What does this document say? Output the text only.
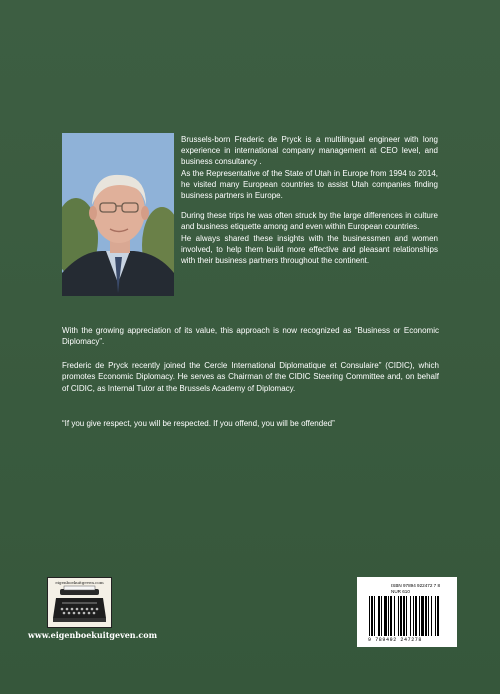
Brussels-born Frederic de Pryck is a multilingual engineer with long experience in international company management at CEO level, and business consultancy .

As the Representative of the State of Utah in Europe from 1994 to 2014, he visited many European countries to assist Utah companies finding business partners in Europe.

During these trips he was often struck by the large differences in culture and business etiquette among and even within European countries.

He always shared these insights with the businessmen and women involved, to help them build more effective and pleasant relationships with their business partners throughout the continent.

With the growing appreciation of its value, this approach is now recognized as “Business or Economic Diplomacy”.

Frederic de Pryck recently joined the Cercle International Diplomatique et Consulaire” (CIDIC), which promotes Economic Diplomacy. He serves as Chairman of the CIDIC Steering Committee and, on behalf of CIDIC, as Internal Tutor at the Brussels Academy of Diplomacy.

“If you give respect, you will be respected. If you offend, you will be offended”

eigenboekuitgeven.com
www.eigenboekuitgeven.com
ISBN 97894 922472 7 8
NUR 610
9 789492 247278
